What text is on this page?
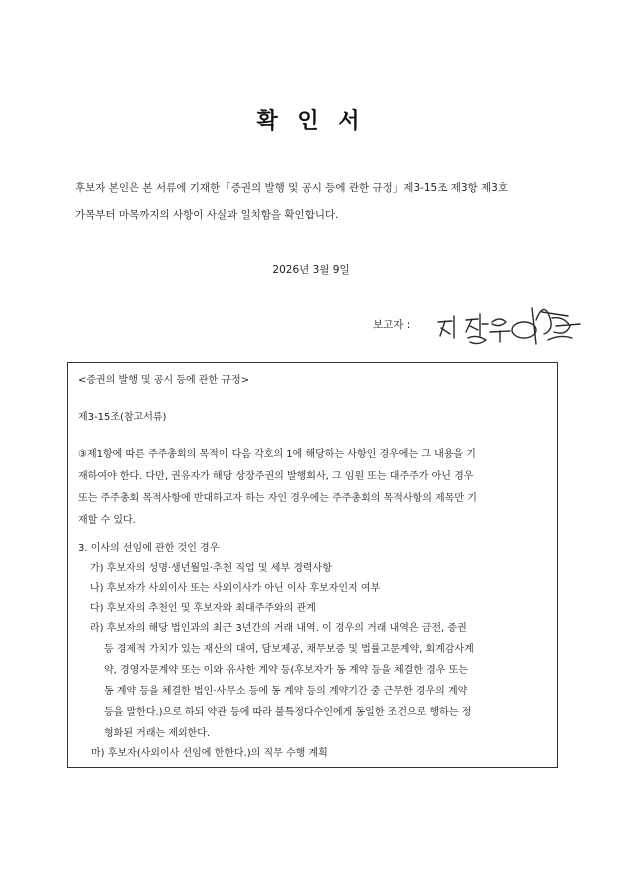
확 인 서
후보자 본인은 본 서류에 기재한「증권의 발행 및 공시 등에 관한 규정」제3-15조 제3항 제3호
가목부터 마목까지의 사항이 사실과 일치함을 확인합니다.
2026년 3월 9일
보고자 :
<증권의 발행 및 공시 등에 관한 규정>
제3-15조(참고서류)
③제1항에 따른 주주총회의 목적이 다음 각호의 1에 해당하는 사항인 경우에는 그 내용을 기
재하여야 한다. 다만, 권유자가 해당 상장주권의 발행회사, 그 임원 또는 대주주가 아닌 경우
또는 주주총회 목적사항에 반대하고자 하는 자인 경우에는 주주총회의 목적사항의 제목만 기
재할 수 있다.
3. 이사의 선임에 관한 것인 경우
가) 후보자의 성명·생년월일·추천 직업 및 세부 경력사항
나) 후보자가 사외이사 또는 사외이사가 아닌 이사 후보자인지 여부
다) 후보자의 추천인 및 후보자와 최대주주와의 관계
라) 후보자의 해당 법인과의 최근 3년간의 거래 내역. 이 경우의 거래 내역은 금전, 증권
등 경제적 가치가 있는 재산의 대여, 담보제공, 채무보증 및 법률고문계약, 회계감사계
약, 경영자문계약 또는 이와 유사한 계약 등(후보자가 동 계약 등을 체결한 경우 또는
동 계약 등을 체결한 법인·사무소 등에 동 계약 등의 계약기간 중 근무한 경우의 계약
등을 말한다.)으로 하되 약관 등에 따라 불특정다수인에게 동일한 조건으로 행하는 정
형화된 거래는 제외한다.
마) 후보자(사외이사 선임에 한한다.)의 직무 수행 계획
